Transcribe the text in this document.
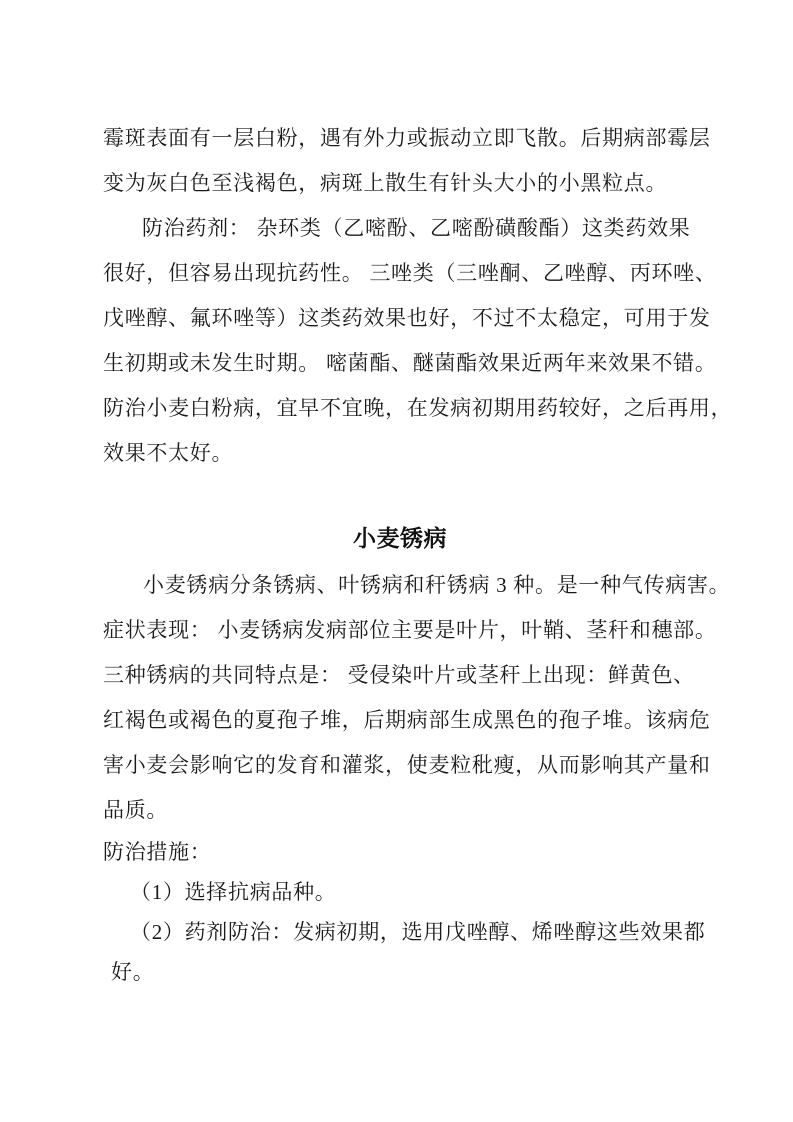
霉斑表面有一层白粉，遇有外力或振动立即飞散。后期病部霉层
变为灰白色至浅褐色，病斑上散生有针头大小的小黑粒点。
防治药剂： 杂环类（乙嘧酚、乙嘧酚磺酸酯）这类药效果
很好，但容易出现抗药性。 三唑类（三唑酮、乙唑醇、丙环唑、
戊唑醇、氟环唑等）这类药效果也好，不过不太稳定，可用于发
生初期或未发生时期。 嘧菌酯、醚菌酯效果近两年来效果不错。
防治小麦白粉病，宜早不宜晚，在发病初期用药较好，之后再用，
效果不太好。
小麦锈病
小麦锈病分条锈病、叶锈病和秆锈病 3 种。是一种气传病害。
症状表现： 小麦锈病发病部位主要是叶片，叶鞘、茎秆和穗部。
三种锈病的共同特点是： 受侵染叶片或茎秆上出现：鲜黄色、
红褐色或褐色的夏孢子堆，后期病部生成黑色的孢子堆。该病危
害小麦会影响它的发育和灌浆，使麦粒秕瘦，从而影响其产量和
品质。
防治措施：
（1）选择抗病品种。
（2）药剂防治：发病初期，选用戊唑醇、烯唑醇这些效果都
好。
